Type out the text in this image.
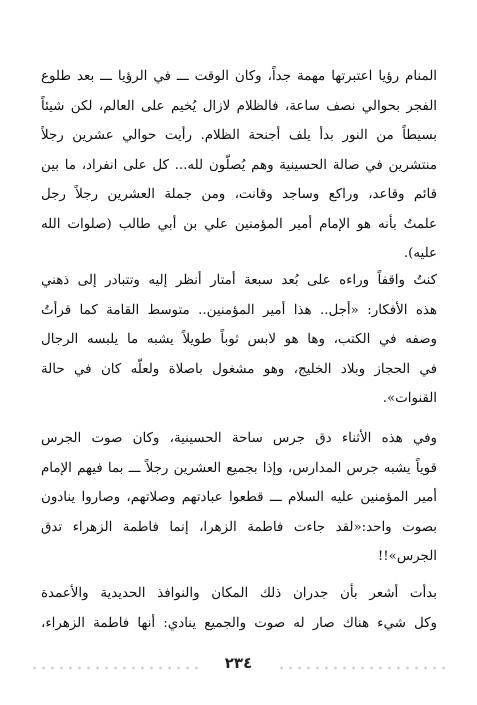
المنام رؤيا اعتبرتها مهمة جداً، وكان الوقت ـــ في الرؤيا ـــ بعد طلوع
الفجر بحوالي نصف ساعة، فالظلام لازال يُخيم على العالم، لكن شيئاً
بسيطاً من النور بدأ يلف أجنحة الظلام. رأيت حوالي عشرين رجلاً
منتشرين في صالة الحسينية وهم يُصلّون لله... كل على انفراد، ما بين
قائم وقاعد، وراكع وساجد وقانت، ومن جملة العشرين رجلاً رجل
علمتُ بأنه هو الإمام أمير المؤمنين علي بن أبي طالب (صلوات الله
عليه).
كنتُ واقفاً وراءه على بُعد سبعة أمتار أنظر إليه وتتبادر إلى ذهني
هذه الأفكار: «أجل.. هذا أمير المؤمنين.. متوسط القامة كما قرأتُ
وصفه في الكتب، وها هو لابس ثوباً طويلاً يشبه ما يلبسه الرجال
في الحجاز وبلاد الخليج، وهو مشغول باصلاة ولعلّه كان في حالة
القنوات».
وفي هذه الأثناء دق جرس ساحة الحسينية، وكان صوت الجرس
قوياً يشبه جرس المدارس، وإذا بجميع العشرين رجلاً ـــ بما فيهم الإمام
أمير المؤمنين عليه السلام ـــ قطعوا عبادتهم وصلاتهم، وصاروا ينادون
بصوت واحد:«لقد جاءت فاطمة الزهرا، إنما فاطمة الزهراء تدق
الجرس»!!
بدأت أشعر بأن جدران ذلك المكان والنوافذ الحديدية والأعمدة
وكل شيء هناك صار له صوت والجميع ينادي: أنها فاطمة الزهراء،
٢٣٤
